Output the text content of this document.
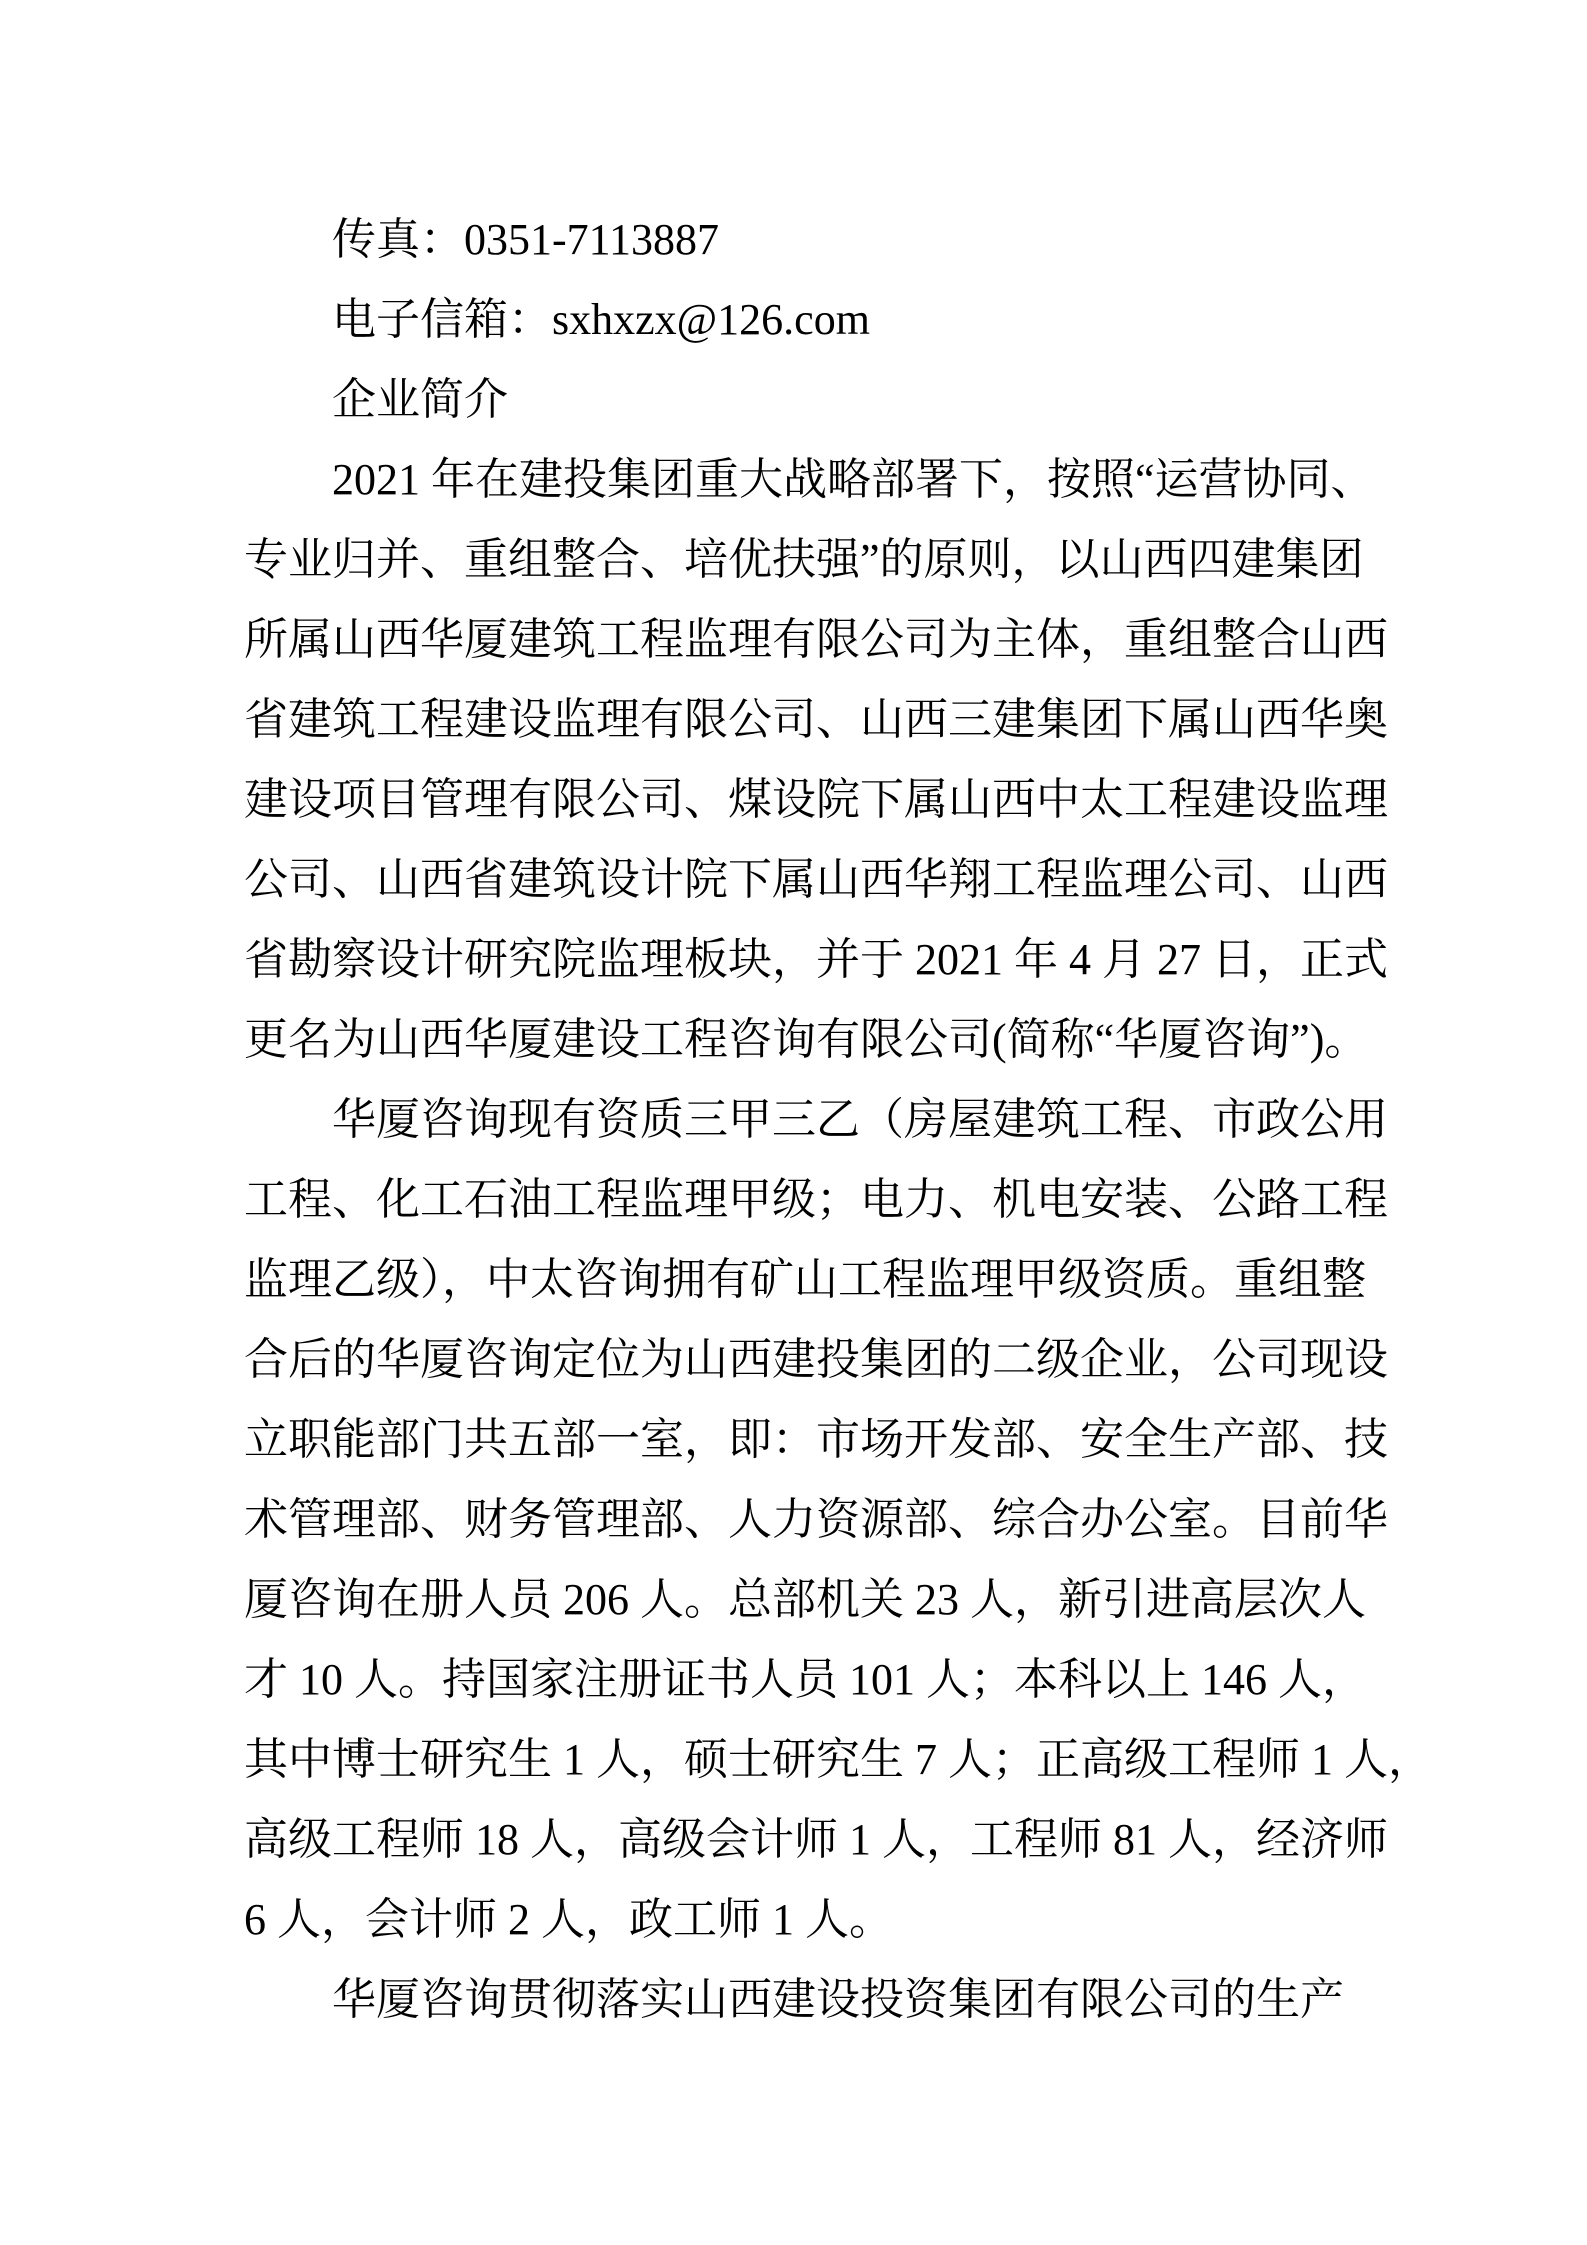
传真：0351-7113887
电子信箱：sxhxzx@126.com
企业简介
2021 年在建投集团重大战略部署下，按照“运营协同、
专业归并、重组整合、培优扶强”的原则，以山西四建集团
所属山西华厦建筑工程监理有限公司为主体，重组整合山西
省建筑工程建设监理有限公司、山西三建集团下属山西华奥
建设项目管理有限公司、煤设院下属山西中太工程建设监理
公司、山西省建筑设计院下属山西华翔工程监理公司、山西
省勘察设计研究院监理板块，并于 2021 年 4 月 27 日，正式
更名为山西华厦建设工程咨询有限公司(简称“华厦咨询”)。
华厦咨询现有资质三甲三乙（房屋建筑工程、市政公用
工程、化工石油工程监理甲级；电力、机电安装、公路工程
监理乙级），中太咨询拥有矿山工程监理甲级资质。重组整
合后的华厦咨询定位为山西建投集团的二级企业，公司现设
立职能部门共五部一室，即：市场开发部、安全生产部、技
术管理部、财务管理部、人力资源部、综合办公室。目前华
厦咨询在册人员 206 人。总部机关 23 人，新引进高层次人
才 10 人。持国家注册证书人员 101 人；本科以上 146 人，
其中博士研究生 1 人，硕士研究生 7 人；正高级工程师 1 人，
高级工程师 18 人，高级会计师 1 人，工程师 81 人，经济师
6 人，会计师 2 人，政工师 1 人。
华厦咨询贯彻落实山西建设投资集团有限公司的生产
